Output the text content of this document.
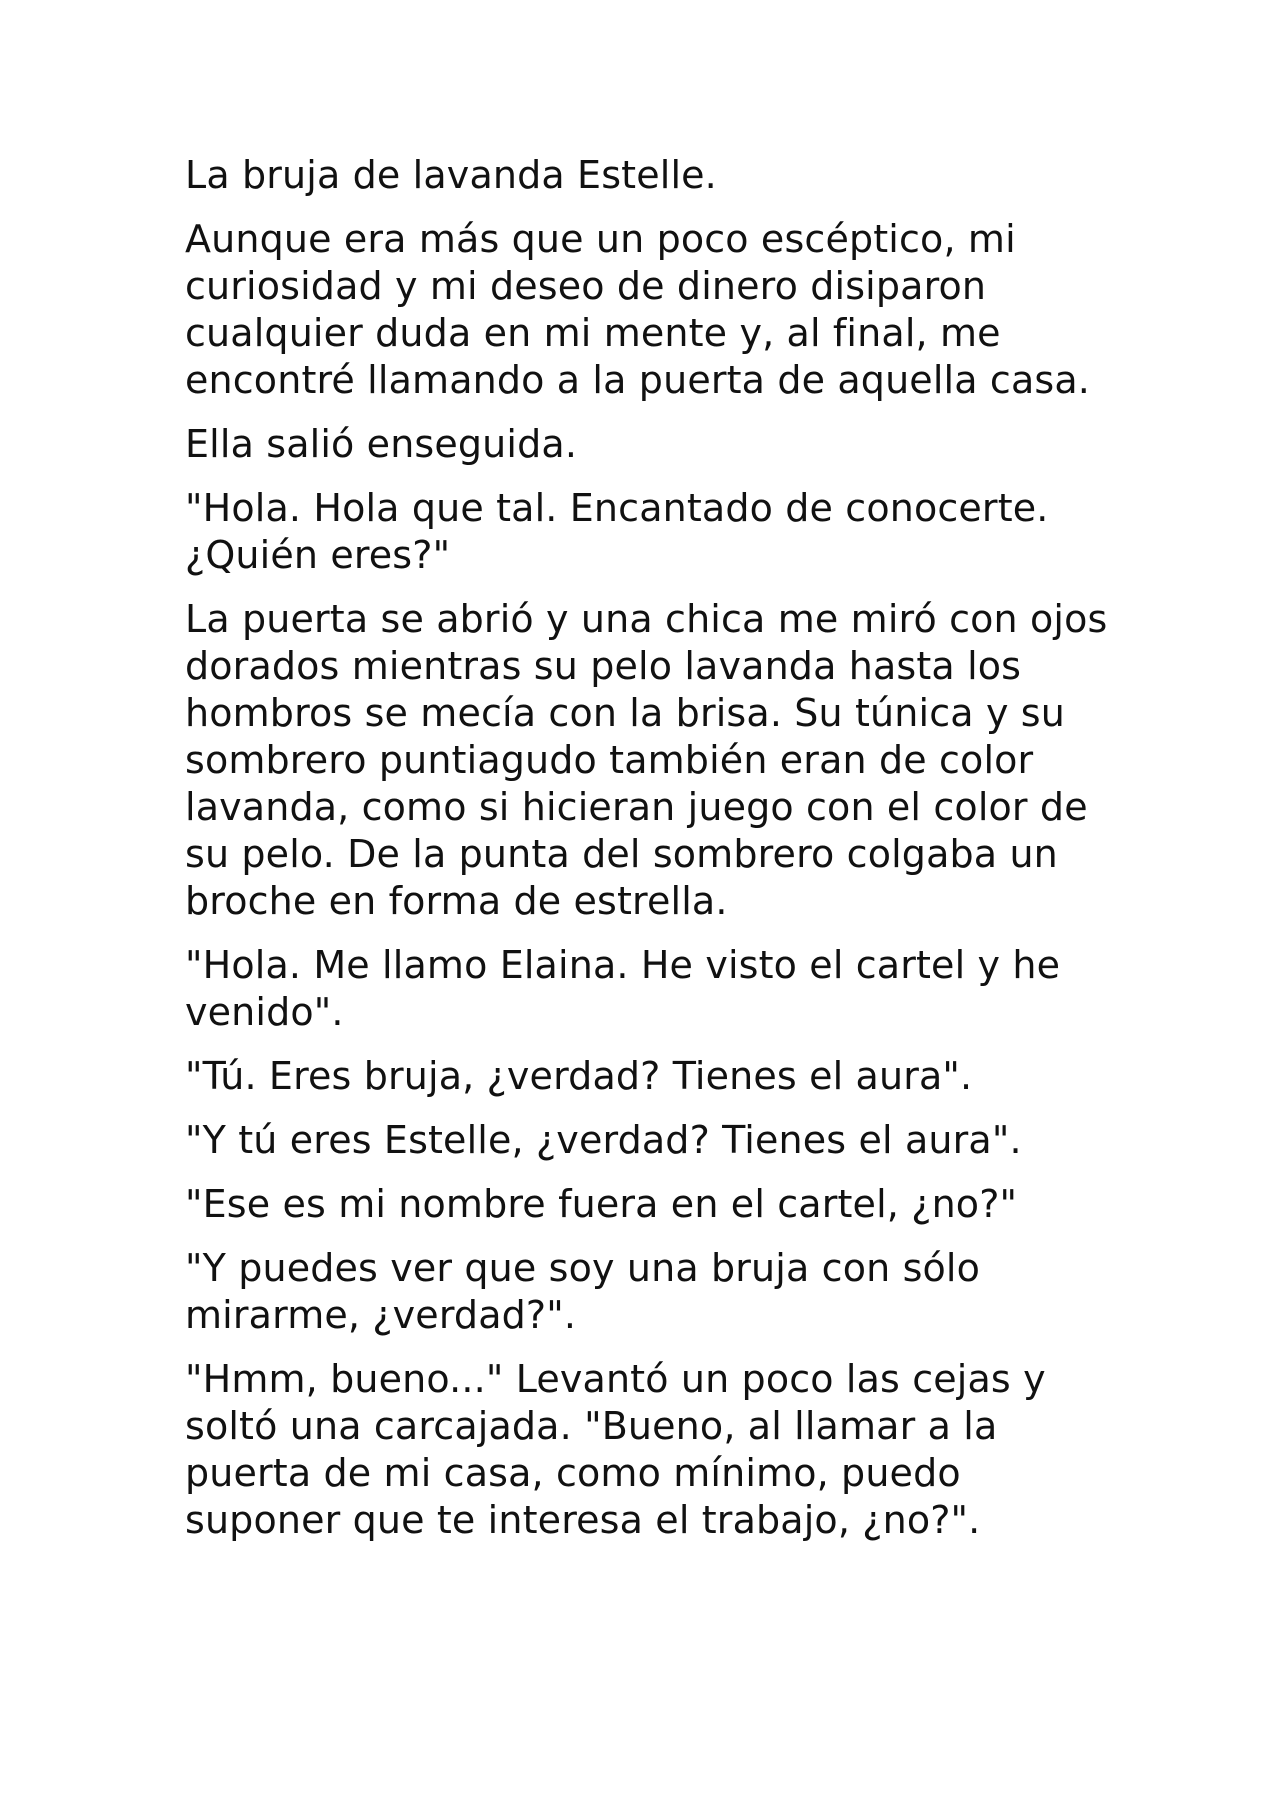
La bruja de lavanda Estelle.

Aunque era más que un poco escéptico, mi curiosidad y mi deseo de dinero disiparon cualquier duda en mi mente y, al final, me encontré llamando a la puerta de aquella casa.

Ella salió enseguida.

"Hola. Hola que tal. Encantado de conocerte. ¿Quién eres?"

La puerta se abrió y una chica me miró con ojos dorados mientras su pelo lavanda hasta los hombros se mecía con la brisa. Su túnica y su sombrero puntiagudo también eran de color lavanda, como si hicieran juego con el color de su pelo. De la punta del sombrero colgaba un broche en forma de estrella.

"Hola. Me llamo Elaina. He visto el cartel y he venido".

"Tú. Eres bruja, ¿verdad? Tienes el aura".

"Y tú eres Estelle, ¿verdad? Tienes el aura".

"Ese es mi nombre fuera en el cartel, ¿no?"

"Y puedes ver que soy una bruja con sólo mirarme, ¿verdad?".

"Hmm, bueno..." Levantó un poco las cejas y soltó una carcajada. "Bueno, al llamar a la puerta de mi casa, como mínimo, puedo suponer que te interesa el trabajo, ¿no?".
